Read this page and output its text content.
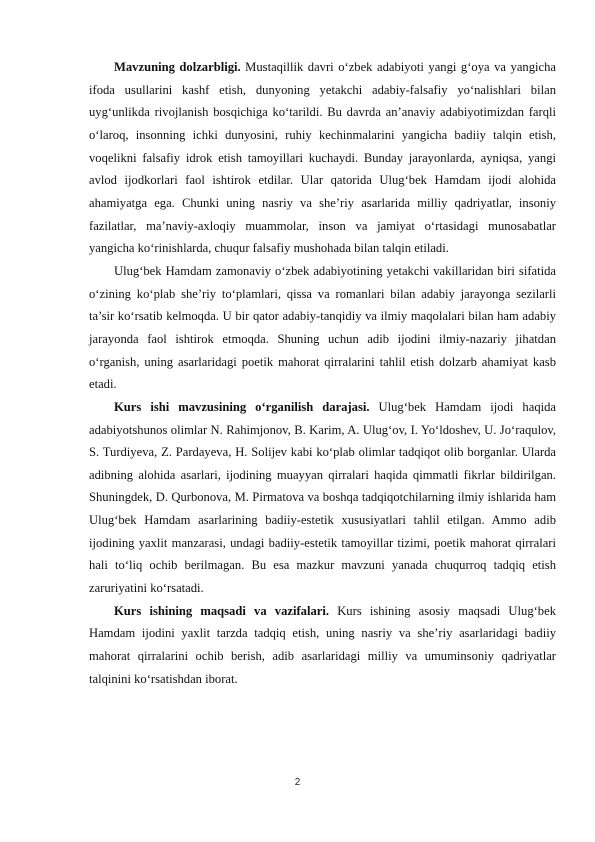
Mavzuning dolzarbligi. Mustaqillik davri o‘zbek adabiyoti yangi g‘oya va yangicha ifoda usullarini kashf etish, dunyoning yetakchi adabiy-falsafiy yo‘nalishlari bilan uyg‘unlikda rivojlanish bosqichiga ko‘tarildi. Bu davrda an’anaviy adabiyotimizdan farqli o‘laroq, insonning ichki dunyosini, ruhiy kechinmalarini yangicha badiiy talqin etish, voqelikni falsafiy idrok etish tamoyillari kuchaydi. Bunday jarayonlarda, ayniqsa, yangi avlod ijodkorlari faol ishtirok etdilar. Ular qatorida Ulug‘bek Hamdam ijodi alohida ahamiyatga ega. Chunki uning nasriy va she’riy asarlarida milliy qadriyatlar, insoniy fazilatlar, ma’naviy-axloqiy muammolar, inson va jamiyat o‘rtasidagi munosabatlar yangicha ko‘rinishlarda, chuqur falsafiy mushohada bilan talqin etiladi.

Ulug‘bek Hamdam zamonaviy o‘zbek adabiyotining yetakchi vakillaridan biri sifatida o‘zining ko‘plab she’riy to‘plamlari, qissa va romanlari bilan adabiy jarayonga sezilarli ta’sir ko‘rsatib kelmoqda. U bir qator adabiy-tanqidiy va ilmiy maqolalari bilan ham adabiy jarayonda faol ishtirok etmoqda. Shuning uchun adib ijodini ilmiy-nazariy jihatdan o‘rganish, uning asarlaridagi poetik mahorat qirralarini tahlil etish dolzarb ahamiyat kasb etadi.

Kurs ishi mavzusining o‘rganilish darajasi. Ulug‘bek Hamdam ijodi haqida adabiyotshunos olimlar N. Rahimjonov, B. Karim, A. Ulug‘ov, I. Yo‘ldoshev, U. Jo‘raqulov, S. Turdiyeva, Z. Pardayeva, H. Solijev kabi ko‘plab olimlar tadqiqot olib borganlar. Ularda adibning alohida asarlari, ijodining muayyan qirralari haqida qimmatli fikrlar bildirilgan. Shuningdek, D. Qurbonova, M. Pirmatova va boshqa tadqiqotchilarning ilmiy ishlarida ham Ulug‘bek Hamdam asarlarining badiiy-estetik xususiyatlari tahlil etilgan. Ammo adib ijodining yaxlit manzarasi, undagi badiiy-estetik tamoyillar tizimi, poetik mahorat qirralari hali to‘liq ochib berilmagan. Bu esa mazkur mavzuni yanada chuqurroq tadqiq etish zaruriyatini ko‘rsatadi.

Kurs ishining maqsadi va vazifalari. Kurs ishining asosiy maqsadi Ulug‘bek Hamdam ijodini yaxlit tarzda tadqiq etish, uning nasriy va she’riy asarlaridagi badiiy mahorat qirralarini ochib berish, adib asarlaridagi milliy va umuminsoniy qadriyatlar talqinini ko‘rsatishdan iborat.

2
